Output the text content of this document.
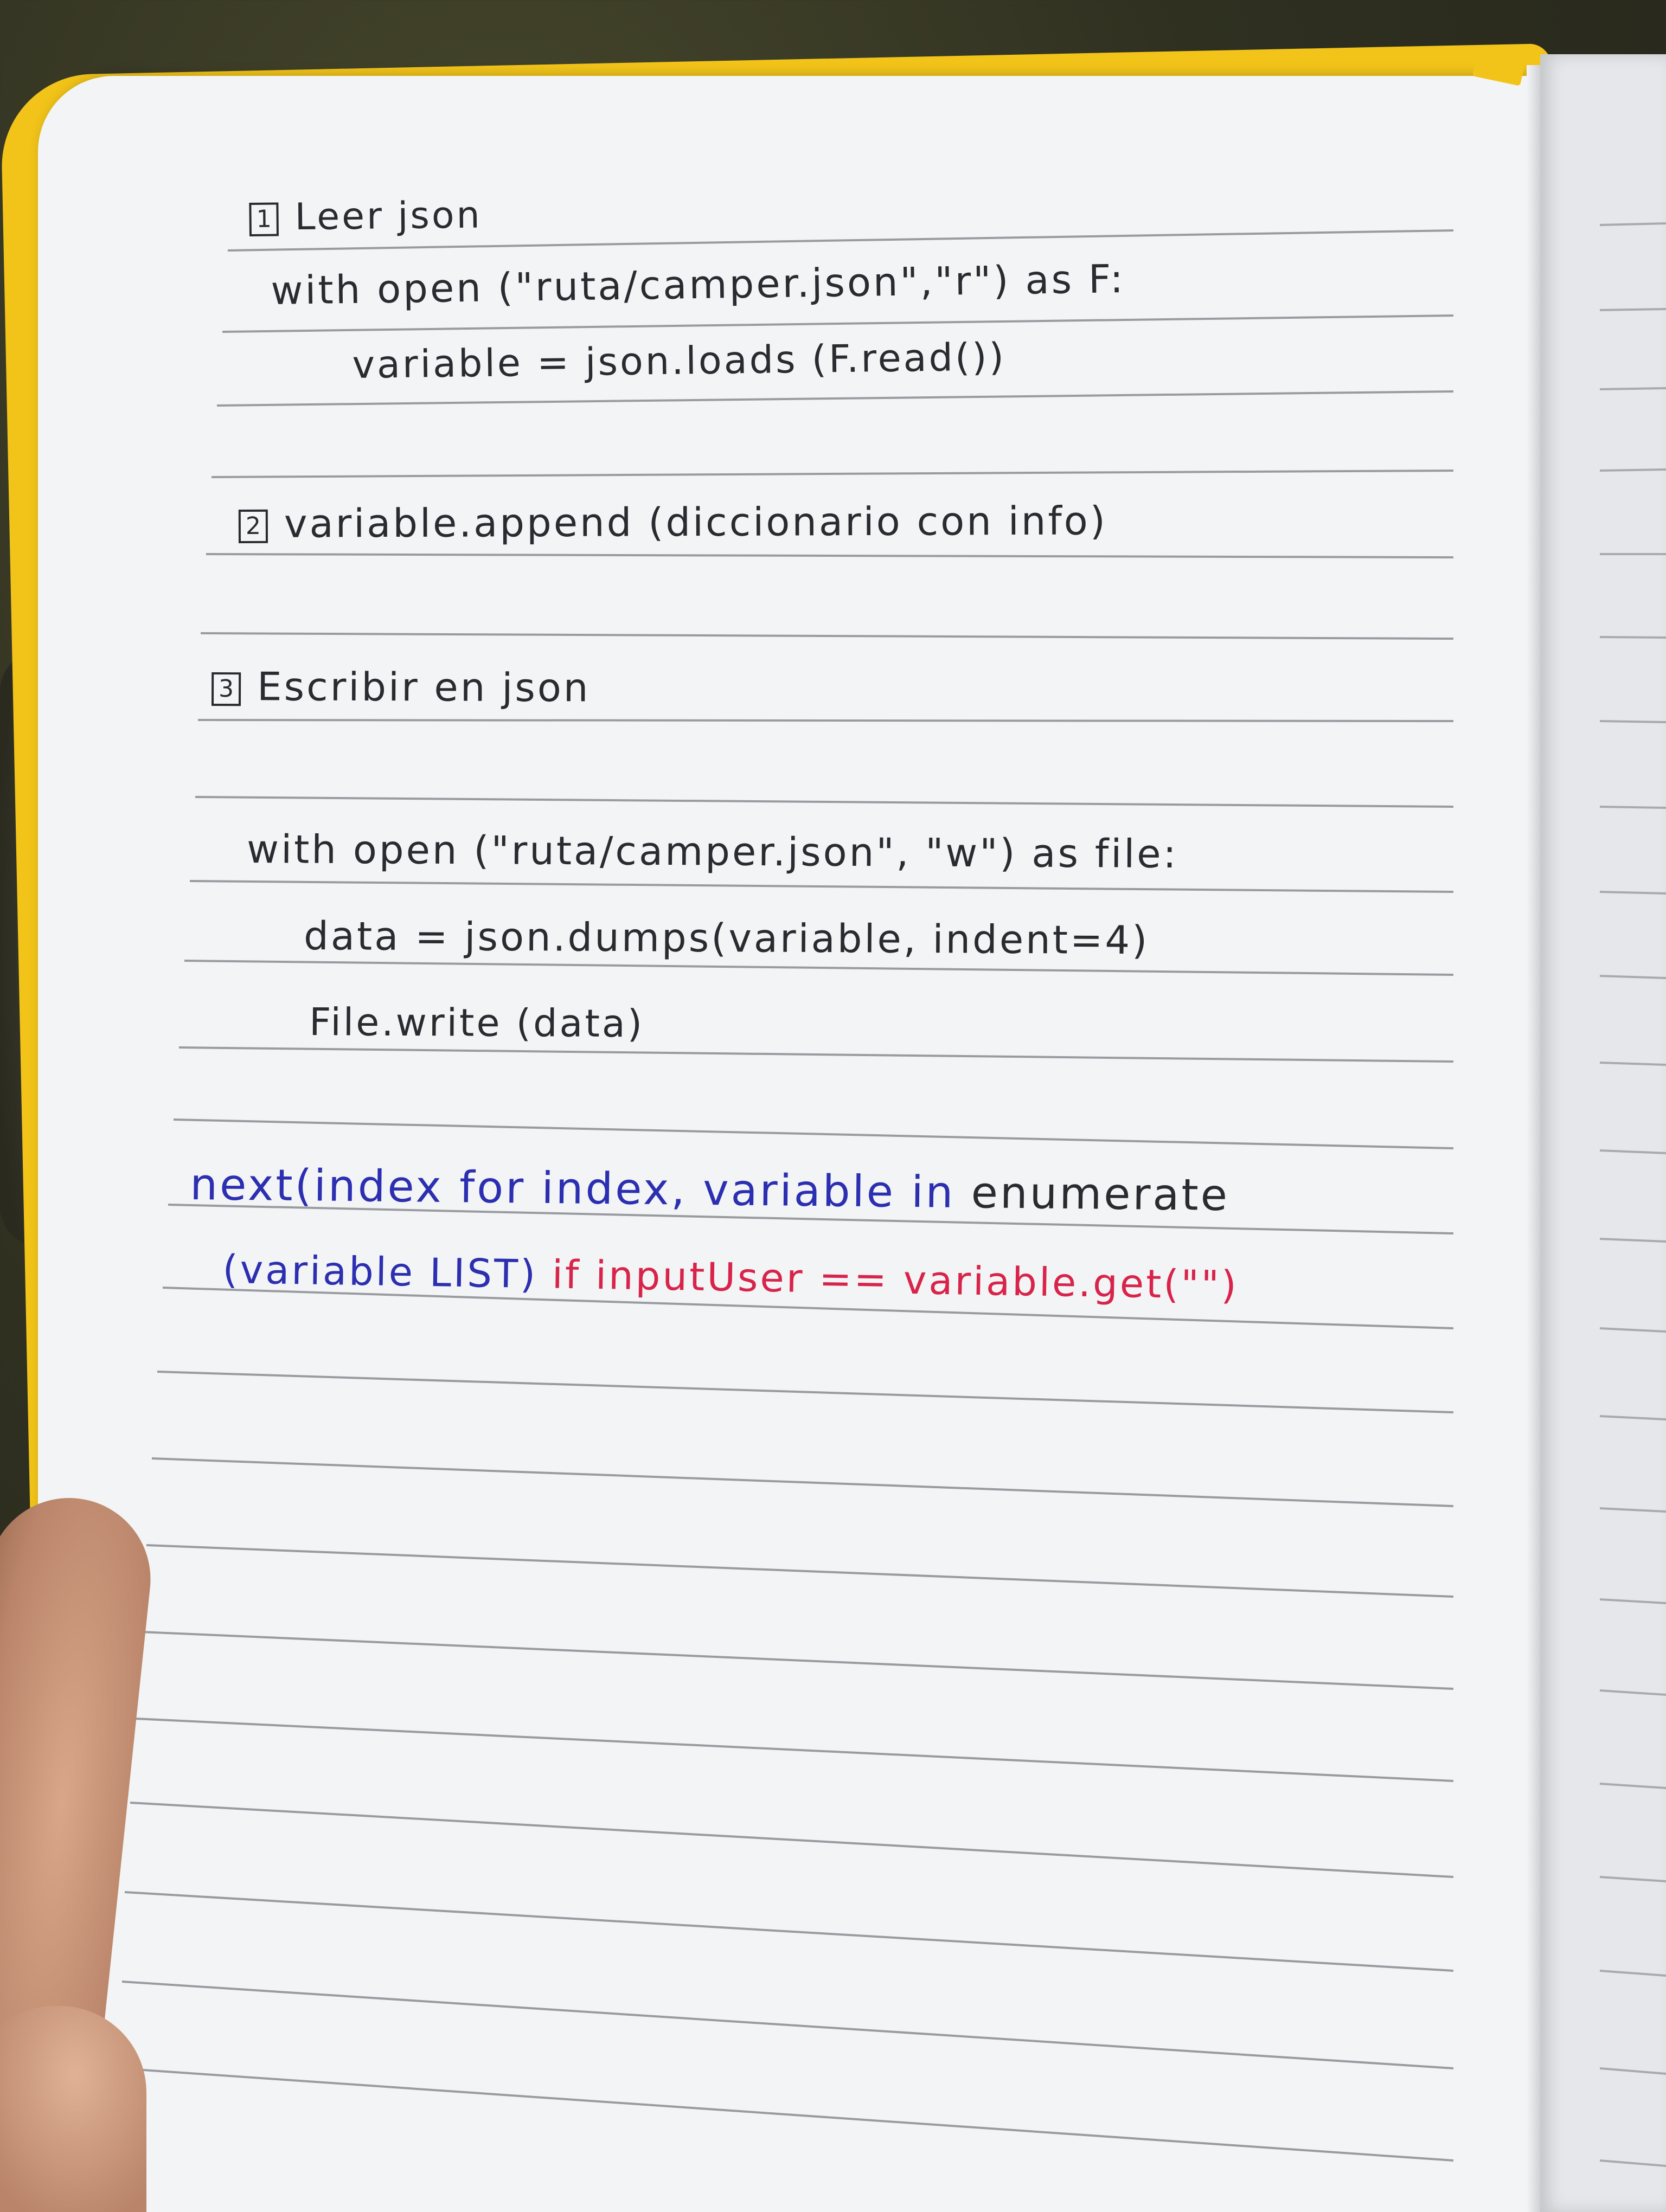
1 Leer json
with open ("ruta/camper.json","r") as F:
variable = json.loads (F.read())
2 variable.append (diccionario con info)
3 Escribir en json
with open ("ruta/camper.json", "w") as file:
data = json.dumps(variable, indent=4)
File.write (data)
next(index for index, variable in enumerate
(variable LIST) if inputUser == variable.get("")
